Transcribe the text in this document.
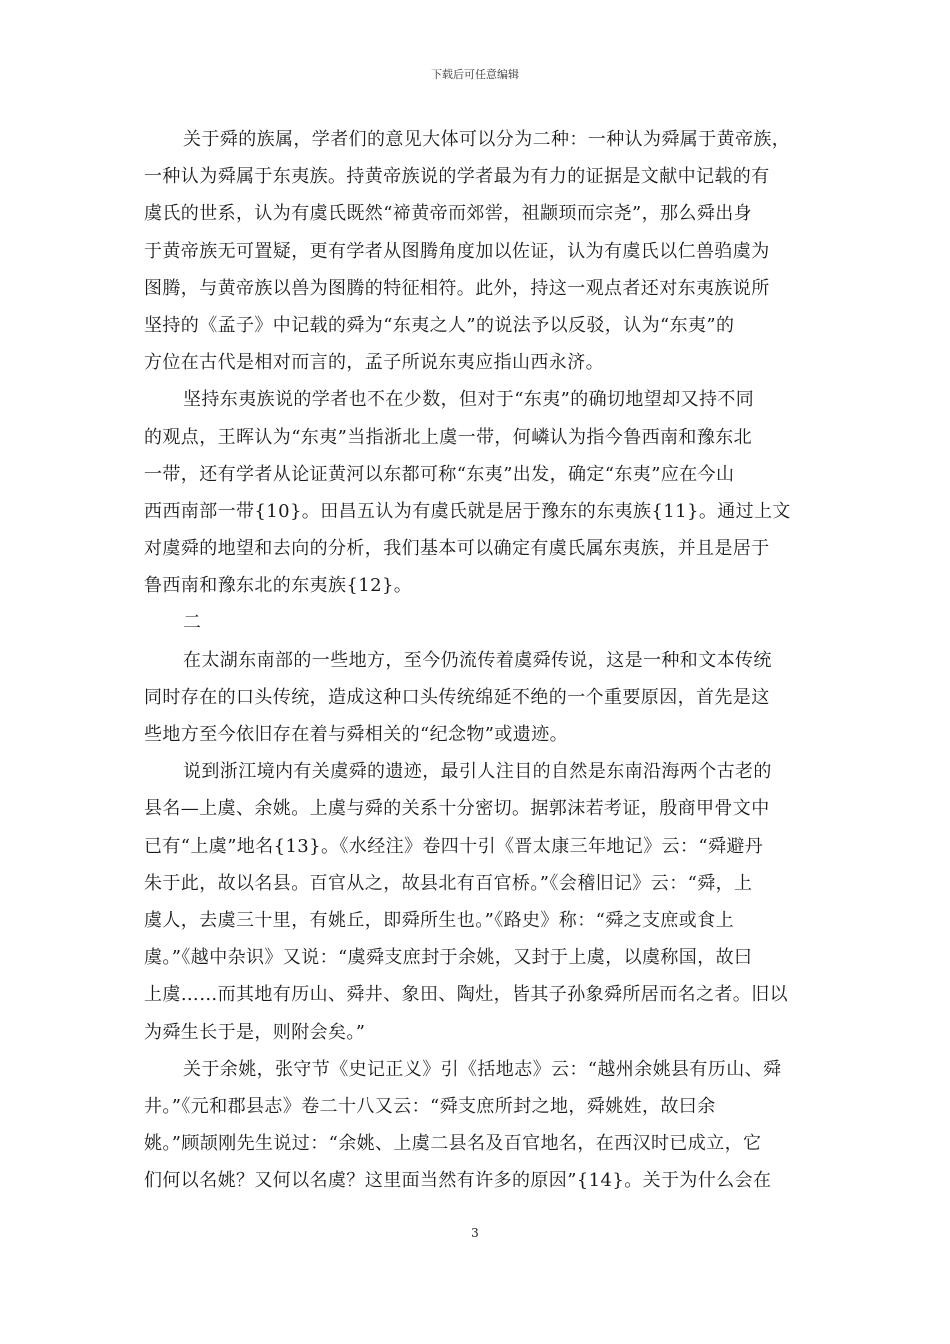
下载后可任意编辑
关于舜的族属，学者们的意见大体可以分为二种：一种认为舜属于黄帝族，
一种认为舜属于东夷族。持黄帝族说的学者最为有力的证据是文献中记载的有
虞氏的世系，认为有虞氏既然“禘黄帝而郊喾，祖颛顼而宗尧”，那么舜出身
于黄帝族无可置疑，更有学者从图腾角度加以佐证，认为有虞氏以仁兽驺虞为
图腾，与黄帝族以兽为图腾的特征相符。此外，持这一观点者还对东夷族说所
坚持的《孟子》中记载的舜为“东夷之人”的说法予以反驳，认为“东夷”的
方位在古代是相对而言的，孟子所说东夷应指山西永济。
坚持东夷族说的学者也不在少数，但对于“东夷”的确切地望却又持不同
的观点，王晖认为“东夷”当指浙北上虞一带，何嶙认为指今鲁西南和豫东北
一带，还有学者从论证黄河以东都可称“东夷”出发，确定“东夷”应在今山
西西南部一带{10}。田昌五认为有虞氏就是居于豫东的东夷族{11}。通过上文
对虞舜的地望和去向的分析，我们基本可以确定有虞氏属东夷族，并且是居于
鲁西南和豫东北的东夷族{12}。
二
在太湖东南部的一些地方，至今仍流传着虞舜传说，这是一种和文本传统
同时存在的口头传统，造成这种口头传统绵延不绝的一个重要原因，首先是这
些地方至今依旧存在着与舜相关的“纪念物”或遗迹。
说到浙江境内有关虞舜的遗迹，最引人注目的自然是东南沿海两个古老的
县名—上虞、余姚。上虞与舜的关系十分密切。据郭沫若考证，殷商甲骨文中
已有“上虞”地名{13}。《水经注》卷四十引《晋太康三年地记》云：“舜避丹
朱于此，故以名县。百官从之，故县北有百官桥。”《会稽旧记》云：“舜，上
虞人，去虞三十里，有姚丘，即舜所生也。”《路史》称：“舜之支庶或食上
虞。”《越中杂识》又说：“虞舜支庶封于余姚，又封于上虞，以虞称国，故曰
上虞……而其地有历山、舜井、象田、陶灶，皆其子孙象舜所居而名之者。旧以
为舜生长于是，则附会矣。”
关于余姚，张守节《史记正义》引《括地志》云：“越州余姚县有历山、舜
井。”《元和郡县志》卷二十八又云：“舜支庶所封之地，舜姚姓，故曰余
姚。”顾颉刚先生说过：“余姚、上虞二县名及百官地名，在西汉时已成立，它
们何以名姚？又何以名虞？这里面当然有许多的原因”{14}。关于为什么会在
3
